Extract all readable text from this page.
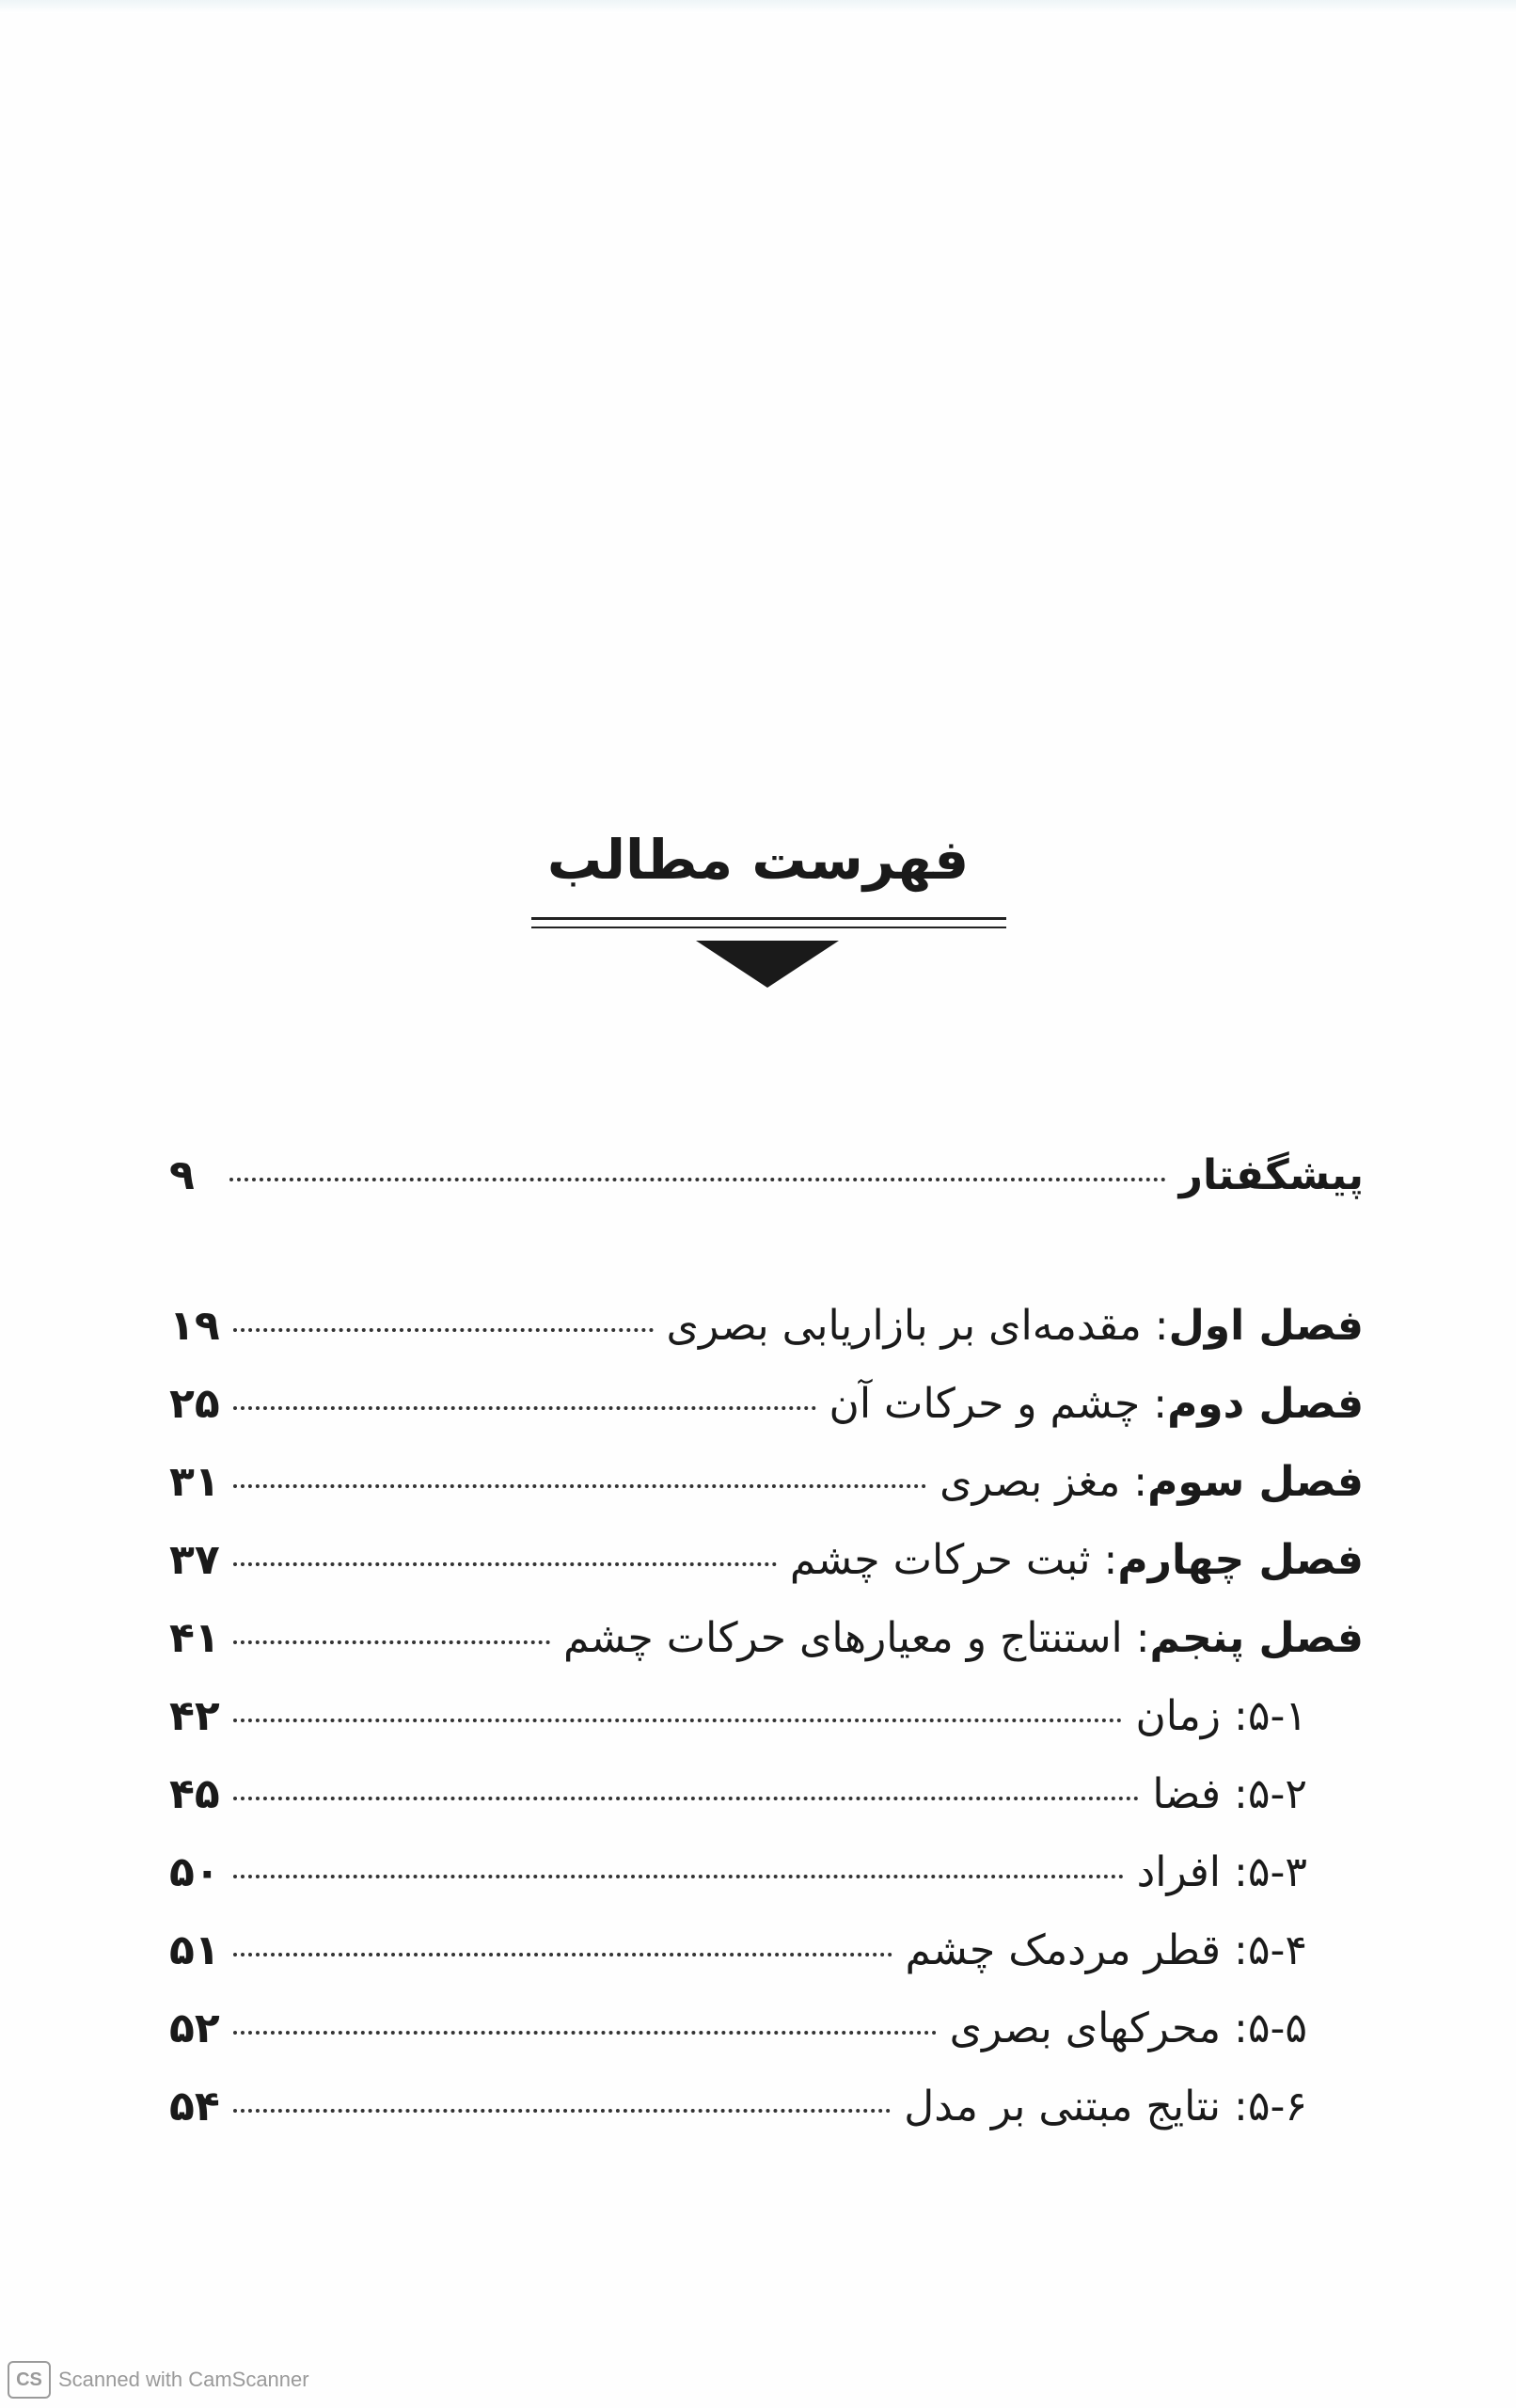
فهرست مطالب
پیشگفتار
۹
فصل اول: مقدمه‌ای بر بازاریابی بصری
۱۹
فصل دوم: چشم و حرکات آن
۲۵
فصل سوم: مغز بصری
۳۱
فصل چهارم: ثبت حرکات چشم
۳۷
فصل پنجم: استنتاج و معیارهای حرکات چشم
۴۱
۵-۱: زمان
۴۲
۵-۲: فضا
۴۵
۵-۳: افراد
۵۰
۵-۴: قطر مردمک چشم
۵۱
۵-۵: محرکهای بصری
۵۲
۵-۶: نتایج مبتنی بر مدل
۵۴
CS Scanned with CamScanner
